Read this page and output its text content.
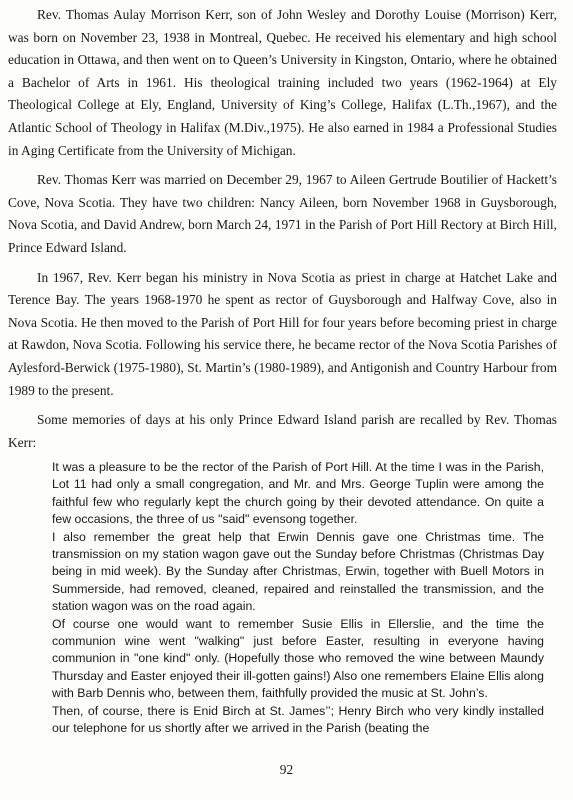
Rev. Thomas Aulay Morrison Kerr, son of John Wesley and Dorothy Louise (Morrison) Kerr, was born on November 23, 1938 in Montreal, Quebec. He received his elementary and high school education in Ottawa, and then went on to Queen’s University in Kingston, Ontario, where he obtained a Bachelor of Arts in 1961. His theological training included two years (1962-1964) at Ely Theological College at Ely, England, University of King’s College, Halifax (L.Th.,1967), and the Atlantic School of Theology in Halifax (M.Div.,1975). He also earned in 1984 a Professional Studies in Aging Certificate from the University of Michigan.

Rev. Thomas Kerr was married on December 29, 1967 to Aileen Gertrude Boutilier of Hackett’s Cove, Nova Scotia. They have two children: Nancy Aileen, born November 1968 in Guysborough, Nova Scotia, and David Andrew, born March 24, 1971 in the Parish of Port Hill Rectory at Birch Hill, Prince Edward Island.

In 1967, Rev. Kerr began his ministry in Nova Scotia as priest in charge at Hatchet Lake and Terence Bay. The years 1968-1970 he spent as rector of Guysborough and Halfway Cove, also in Nova Scotia. He then moved to the Parish of Port Hill for four years before becoming priest in charge at Rawdon, Nova Scotia. Following his service there, he became rector of the Nova Scotia Parishes of Aylesford-Berwick (1975-1980), St. Martin’s (1980-1989), and Antigonish and Country Harbour from 1989 to the present.

Some memories of days at his only Prince Edward Island parish are recalled by Rev. Thomas Kerr:

It was a pleasure to be the rector of the Parish of Port Hill. At the time I was in the Parish, Lot 11 had only a small congregation, and Mr. and Mrs. George Tuplin were among the faithful few who regularly kept the church going by their devoted attendance. On quite a few occasions, the three of us "said" evensong together.

I also remember the great help that Erwin Dennis gave one Christmas time. The transmission on my station wagon gave out the Sunday before Christmas (Christmas Day being in mid week). By the Sunday after Christmas, Erwin, together with Buell Motors in Summerside, had removed, cleaned, repaired and reinstalled the transmission, and the station wagon was on the road again.

Of course one would want to remember Susie Ellis in Ellerslie, and the time the communion wine went "walking" just before Easter, resulting in everyone having communion in "one kind" only. (Hopefully those who removed the wine between Maundy Thursday and Easter enjoyed their ill-gotten gains!) Also one remembers Elaine Ellis along with Barb Dennis who, between them, faithfully provided the music at St. John’s.

Then, of course, there is Enid Birch at St. James’’; Henry Birch who very kindly installed our telephone for us shortly after we arrived in the Parish (beating the

92
